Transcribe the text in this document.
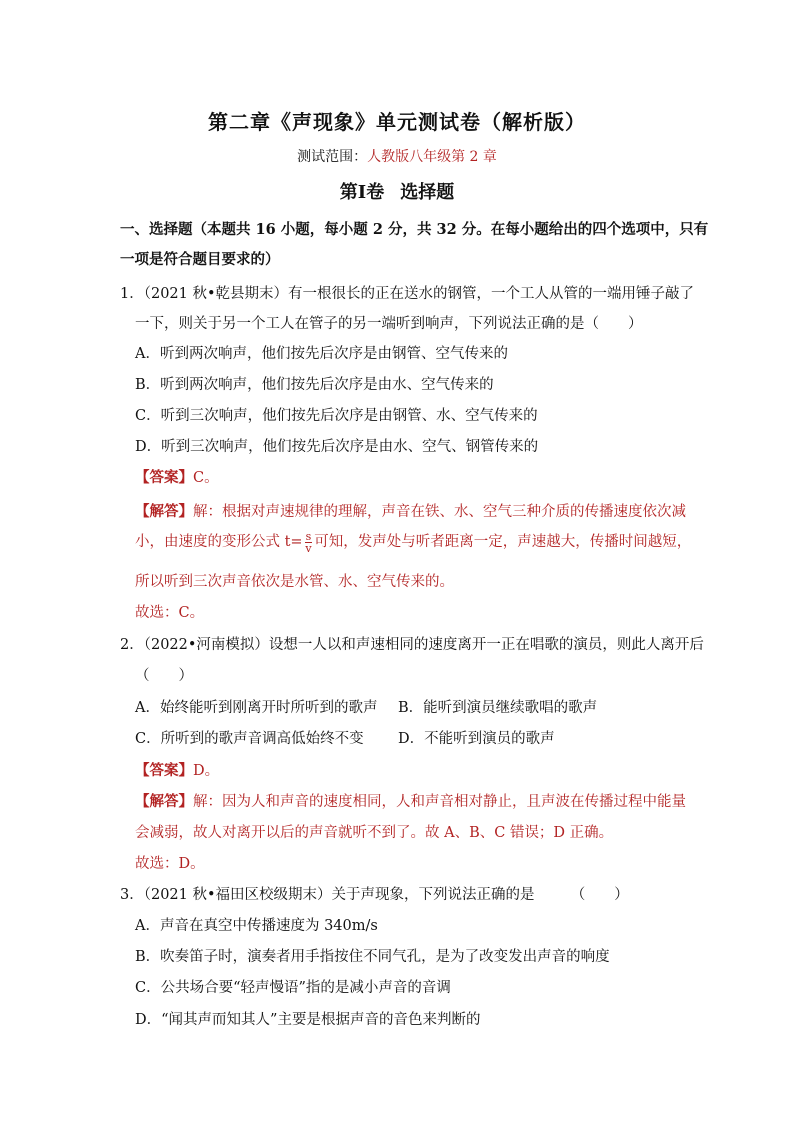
第二章《声现象》单元测试卷（解析版）
测试范围：人教版八年级第 2 章
第Ⅰ卷 选择题
一、选择题（本题共 16 小题，每小题 2 分，共 32 分。在每小题给出的四个选项中，只有
一项是符合题目要求的）
1．（2021 秋•乾县期末）有一根很长的正在送水的钢管，一个工人从管的一端用锤子敲了
一下，则关于另一个工人在管子的另一端听到响声，下列说法正确的是（　　）
A．听到两次响声，他们按先后次序是由钢管、空气传来的
B．听到两次响声，他们按先后次序是由水、空气传来的
C．听到三次响声，他们按先后次序是由钢管、水、空气传来的
D．听到三次响声，他们按先后次序是由水、空气、钢管传来的
【答案】C。
【解答】解：根据对声速规律的理解，声音在铁、水、空气三种介质的传播速度依次减
小，由速度的变形公式 $t= \frac{s}{v}$ 可知，发声处与听者距离一定，声速越大，传播时间越短，
所以听到三次声音依次是水管、水、空气传来的。
故选：C。
2．（2022•河南模拟）设想一人以和声速相同的速度离开一正在唱歌的演员，则此人离开后
（　　）
A．始终能听到刚离开时所听到的歌声 B．能听到演员继续歌唱的歌声
C．所听到的歌声音调高低始终不变 D．不能听到演员的歌声
【答案】D。
【解答】解：因为人和声音的速度相同，人和声音相对静止，且声波在传播过程中能量
会减弱，故人对离开以后的声音就听不到了。故 A、B、C 错误；D 正确。
故选：D。
3．（2021 秋•福田区校级期末）关于声现象，下列说法正确的是　　　（　　）
A．声音在真空中传播速度为 340m/s
B．吹奏笛子时，演奏者用手指按住不同气孔，是为了改变发出声音的响度
C．公共场合要“轻声慢语”指的是减小声音的音调
D．“闻其声而知其人”主要是根据声音的音色来判断的
